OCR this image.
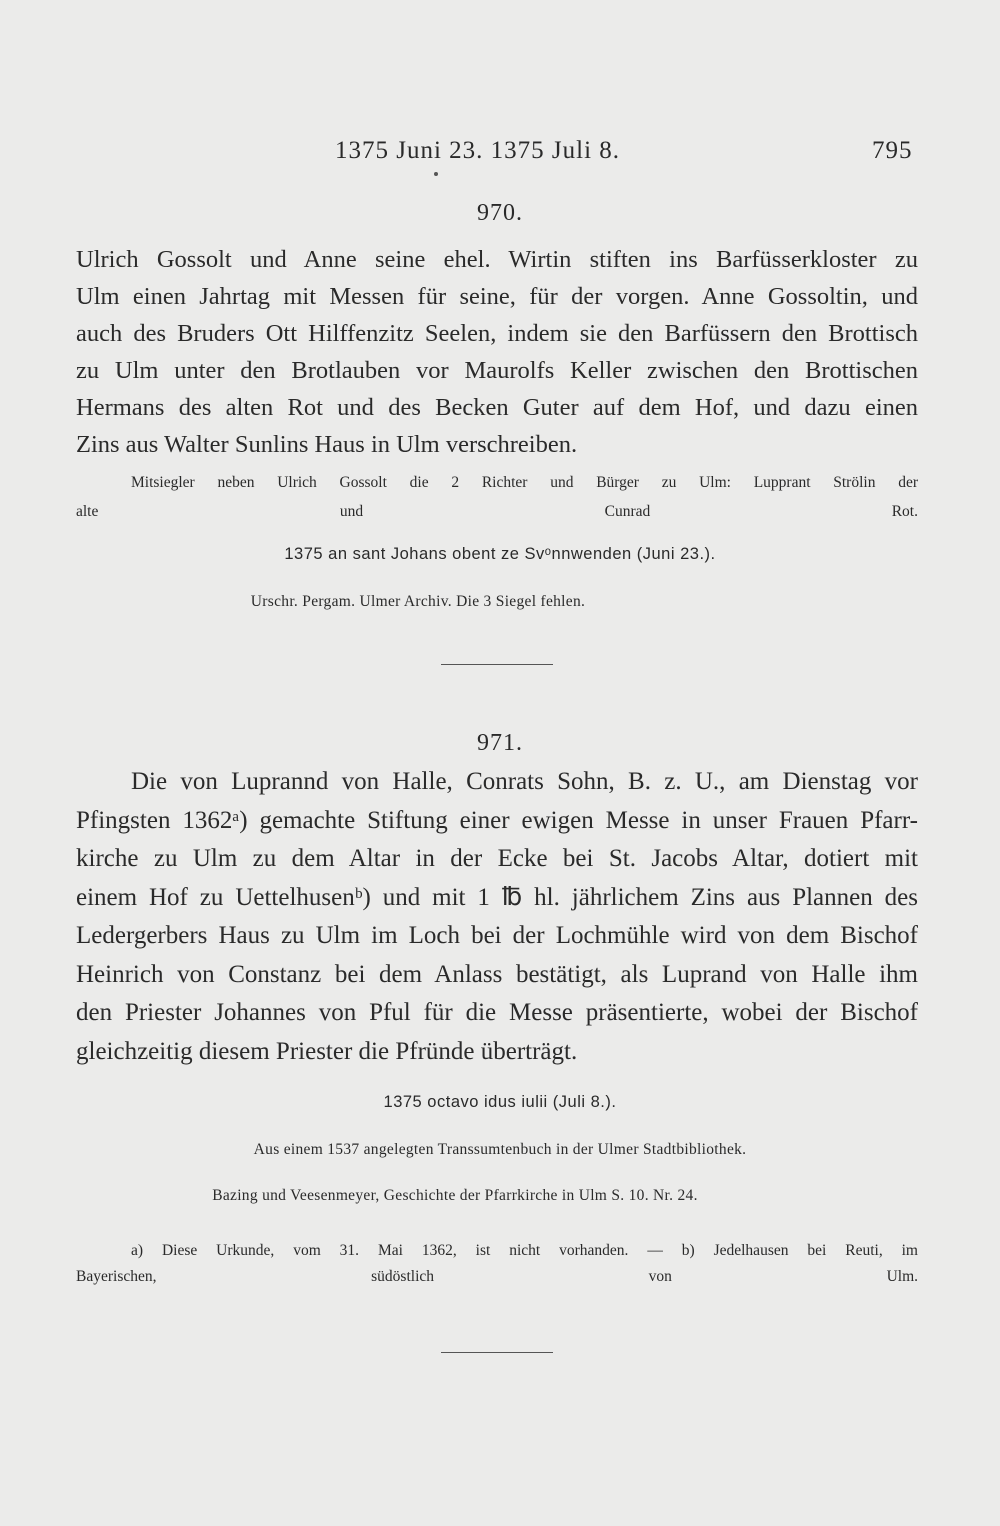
1375 Juni 23. 1375 Juli 8.	795
970.
Ulrich Gossolt und Anne seine ehel. Wirtin stiften ins Barfüsserkloster zu
Ulm einen Jahrtag mit Messen für seine, für der vorgen. Anne Gossoltin, und
auch des Bruders Ott Hilffenzitz Seelen, indem sie den Barfüssern den Brottisch
zu Ulm unter den Brotlauben vor Maurolfs Keller zwischen den Brottischen
Hermans des alten Rot und des Becken Guter auf dem Hof, und dazu einen
Zins aus Walter Sunlins Haus in Ulm verschreiben.
Mitsiegler neben Ulrich Gossolt die 2 Richter und Bürger zu Ulm: Lupprant Strölin der
alte und Cunrad Rot.
1375 an sant Johans obent ze Svᵒnnwenden (Juni 23.).
Urschr. Pergam. Ulmer Archiv. Die 3 Siegel fehlen.
971.
Die von Luprannd von Halle, Conrats Sohn, B. z. U., am Dienstag vor
Pfingsten 1362ᵃ) gemachte Stiftung einer ewigen Messe in unser Frauen Pfarr-
kirche zu Ulm zu dem Altar in der Ecke bei St. Jacobs Altar, dotiert mit
einem Hof zu Uettelhusenᵇ) und mit 1 ℔ hl. jährlichem Zins aus Plannen des
Ledergerbers Haus zu Ulm im Loch bei der Lochmühle wird von dem Bischof
Heinrich von Constanz bei dem Anlass bestätigt, als Luprand von Halle ihm
den Priester Johannes von Pful für die Messe präsentierte, wobei der Bischof
gleichzeitig diesem Priester die Pfründe überträgt.
1375 octavo idus iulii (Juli 8.).
Aus einem 1537 angelegten Transsumtenbuch in der Ulmer Stadtbibliothek.
Bazing und Veesenmeyer, Geschichte der Pfarrkirche in Ulm S. 10. Nr. 24.
a) Diese Urkunde, vom 31. Mai 1362, ist nicht vorhanden. — b) Jedelhausen bei Reuti, im
Bayerischen, südöstlich von Ulm.
